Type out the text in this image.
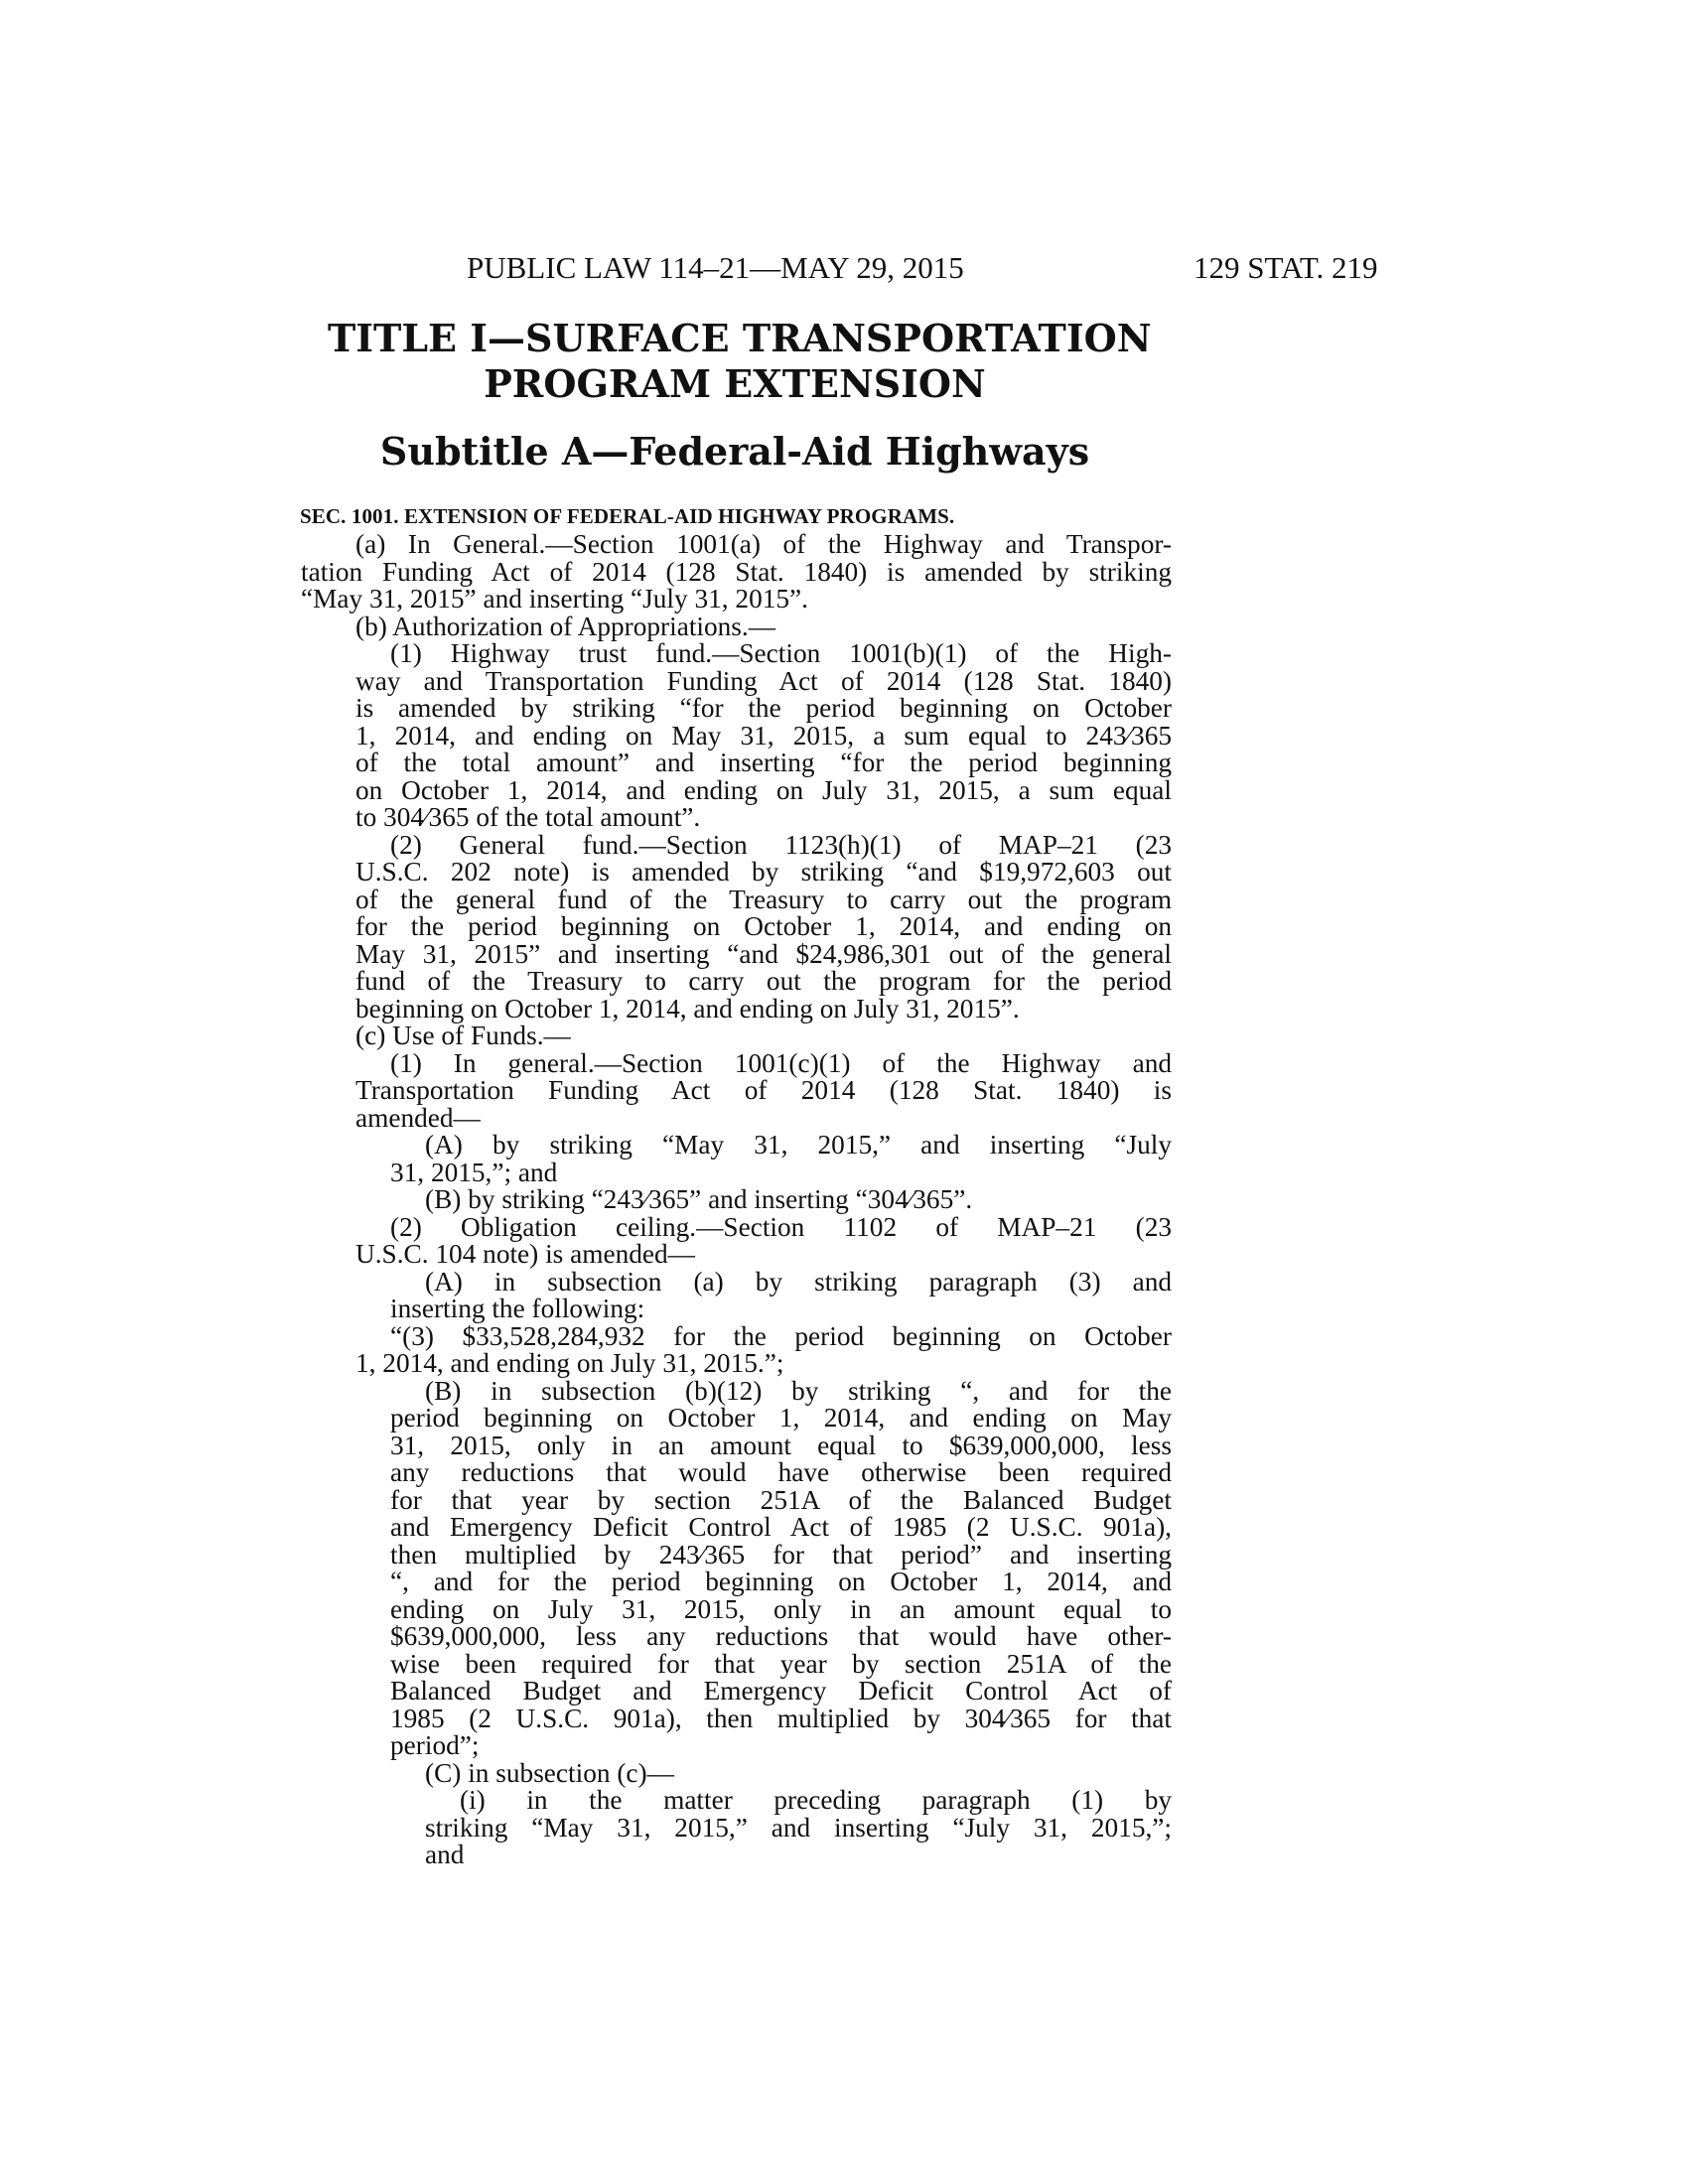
PUBLIC LAW 114–21—MAY 29, 2015	129 STAT. 219
TITLE I—SURFACE TRANSPORTATION
PROGRAM EXTENSION
Subtitle A—Federal-Aid Highways
SEC. 1001. EXTENSION OF FEDERAL-AID HIGHWAY PROGRAMS.
(a) In General.—Section 1001(a) of the Highway and Transpor-
tation Funding Act of 2014 (128 Stat. 1840) is amended by striking
“May 31, 2015” and inserting “July 31, 2015”.
(b) Authorization of Appropriations.—
(1) Highway trust fund.—Section 1001(b)(1) of the High-
way and Transportation Funding Act of 2014 (128 Stat. 1840)
is amended by striking “for the period beginning on October
1, 2014, and ending on May 31, 2015, a sum equal to 243⁄365
of the total amount” and inserting “for the period beginning
on October 1, 2014, and ending on July 31, 2015, a sum equal
to 304⁄365 of the total amount”.
(2) General fund.—Section 1123(h)(1) of MAP–21 (23
U.S.C. 202 note) is amended by striking “and $19,972,603 out
of the general fund of the Treasury to carry out the program
for the period beginning on October 1, 2014, and ending on
May 31, 2015” and inserting “and $24,986,301 out of the general
fund of the Treasury to carry out the program for the period
beginning on October 1, 2014, and ending on July 31, 2015”.
(c) Use of Funds.—
(1) In general.—Section 1001(c)(1) of the Highway and
Transportation Funding Act of 2014 (128 Stat. 1840) is
amended—
(A) by striking “May 31, 2015,” and inserting “July
31, 2015,”; and
(B) by striking “243⁄365” and inserting “304⁄365”.
(2) Obligation ceiling.—Section 1102 of MAP–21 (23
U.S.C. 104 note) is amended—
(A) in subsection (a) by striking paragraph (3) and
inserting the following:
“(3) $33,528,284,932 for the period beginning on October
1, 2014, and ending on July 31, 2015.”;
(B) in subsection (b)(12) by striking “, and for the
period beginning on October 1, 2014, and ending on May
31, 2015, only in an amount equal to $639,000,000, less
any reductions that would have otherwise been required
for that year by section 251A of the Balanced Budget
and Emergency Deficit Control Act of 1985 (2 U.S.C. 901a),
then multiplied by 243⁄365 for that period” and inserting
“, and for the period beginning on October 1, 2014, and
ending on July 31, 2015, only in an amount equal to
$639,000,000, less any reductions that would have other-
wise been required for that year by section 251A of the
Balanced Budget and Emergency Deficit Control Act of
1985 (2 U.S.C. 901a), then multiplied by 304⁄365 for that
period”;
(C) in subsection (c)—
(i) in the matter preceding paragraph (1) by
striking “May 31, 2015,” and inserting “July 31, 2015,”;
and
